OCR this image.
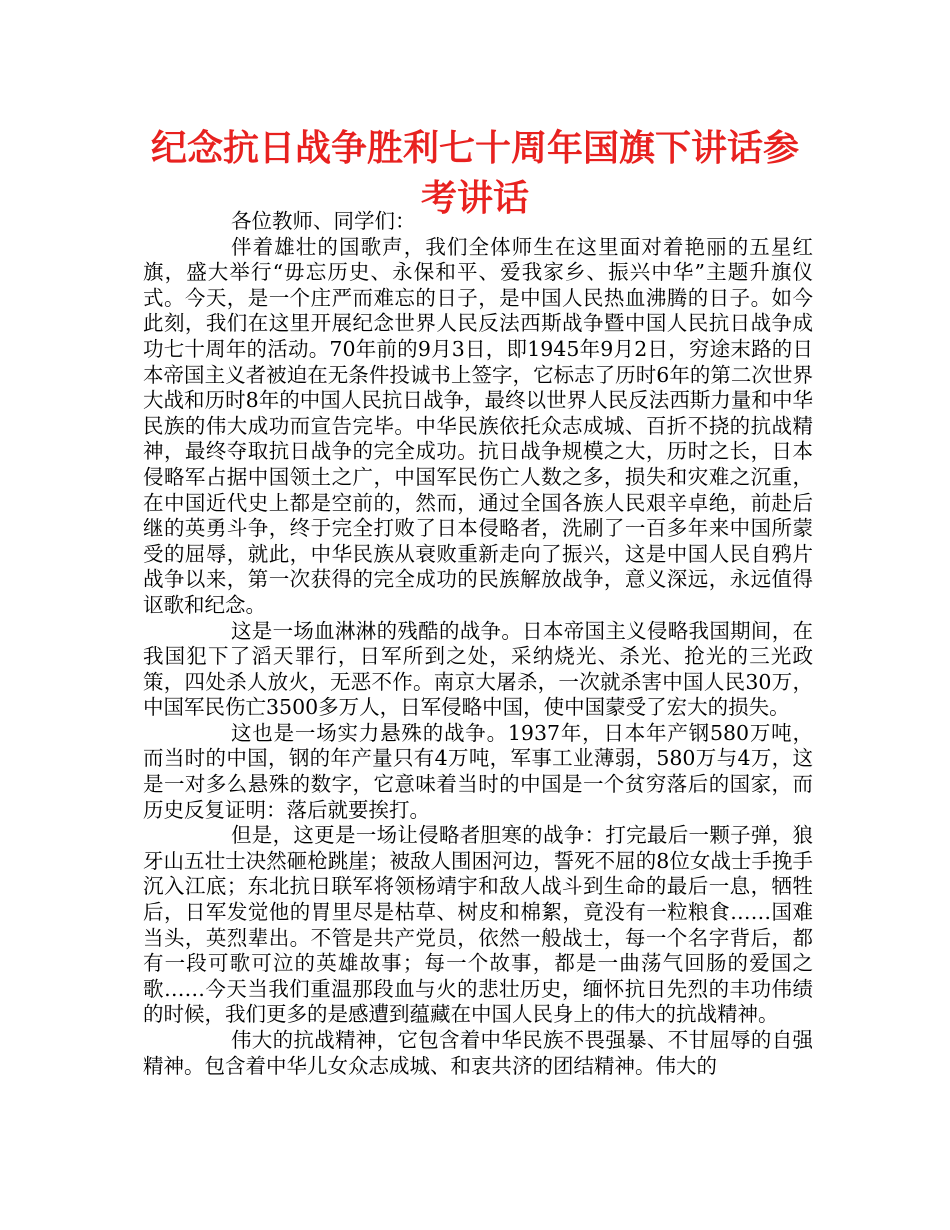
纪念抗日战争胜利七十周年国旗下讲话参考讲话

各位教师、同学们：

伴着雄壮的国歌声，我们全体师生在这里面对着艳丽的五星红旗，盛大举行“毋忘历史、永保和平、爱我家乡、振兴中华”主题升旗仪式。今天，是一个庄严而难忘的日子，是中国人民热血沸腾的日子。如今此刻，我们在这里开展纪念世界人民反法西斯战争暨中国人民抗日战争成功七十周年的活动。70年前的9月3日，即1945年9月2日，穷途末路的日本帝国主义者被迫在无条件投诚书上签字，它标志了历时6年的第二次世界大战和历时8年的中国人民抗日战争，最终以世界人民反法西斯力量和中华民族的伟大成功而宣告完毕。中华民族依托众志成城、百折不挠的抗战精神，最终夺取抗日战争的完全成功。抗日战争规模之大，历时之长，日本侵略军占据中国领土之广，中国军民伤亡人数之多，损失和灾难之沉重，在中国近代史上都是空前的，然而，通过全国各族人民艰辛卓绝，前赴后继的英勇斗争，终于完全打败了日本侵略者，洗刷了一百多年来中国所蒙受的屈辱，就此，中华民族从衰败重新走向了振兴，这是中国人民自鸦片战争以来，第一次获得的完全成功的民族解放战争，意义深远，永远值得讴歌和纪念。

这是一场血淋淋的残酷的战争。日本帝国主义侵略我国期间，在我国犯下了滔天罪行，日军所到之处，采纳烧光、杀光、抢光的三光政策，四处杀人放火，无恶不作。南京大屠杀，一次就杀害中国人民30万，中国军民伤亡3500多万人，日军侵略中国，使中国蒙受了宏大的损失。

这也是一场实力悬殊的战争。1937年，日本年产钢580万吨，而当时的中国，钢的年产量只有4万吨，军事工业薄弱，580万与4万，这是一对多么悬殊的数字，它意味着当时的中国是一个贫穷落后的国家，而历史反复证明：落后就要挨打。

但是，这更是一场让侵略者胆寒的战争：打完最后一颗子弹，狼牙山五壮士决然砸枪跳崖；被敌人围困河边，誓死不屈的8位女战士手挽手沉入江底；东北抗日联军将领杨靖宇和敌人战斗到生命的最后一息，牺牲后，日军发觉他的胃里尽是枯草、树皮和棉絮，竟没有一粒粮食……国难当头，英烈辈出。不管是共产党员，依然一般战士，每一个名字背后，都有一段可歌可泣的英雄故事；每一个故事，都是一曲荡气回肠的爱国之歌……今天当我们重温那段血与火的悲壮历史，缅怀抗日先烈的丰功伟绩的时候，我们更多的是感遭到蕴藏在中国人民身上的伟大的抗战精神。

伟大的抗战精神，它包含着中华民族不畏强暴、不甘屈辱的自强精神。包含着中华儿女众志成城、和衷共济的团结精神。伟大的
